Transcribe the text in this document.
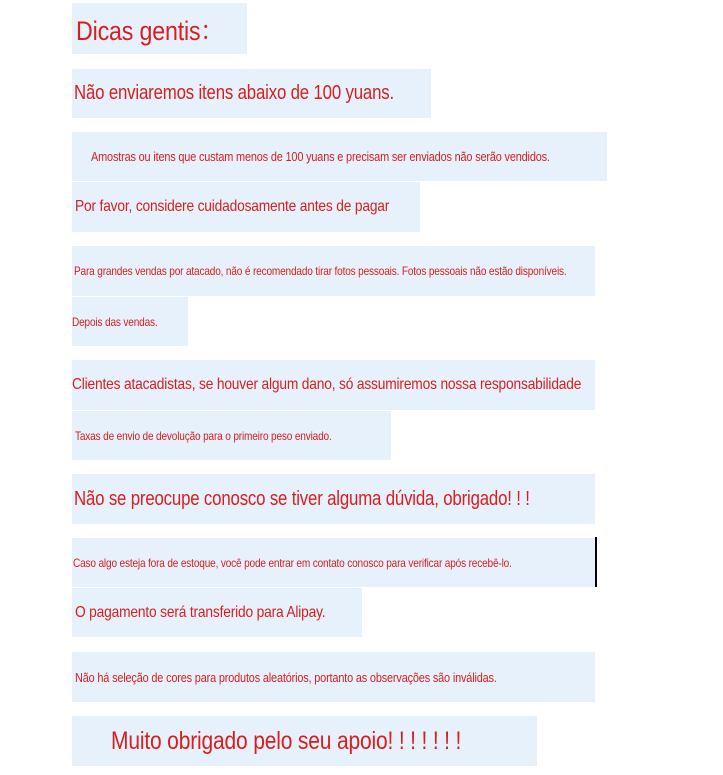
Dicas gentis：
Não enviaremos itens abaixo de 100 yuans.
Amostras ou itens que custam menos de 100 yuans e precisam ser enviados não serão vendidos.
Por favor, considere cuidadosamente antes de pagar
Para grandes vendas por atacado, não é recomendado tirar fotos pessoais. Fotos pessoais não estão disponíveis.
Depois das vendas.
Clientes atacadistas, se houver algum dano, só assumiremos nossa responsabilidade
Taxas de envio de devolução para o primeiro peso enviado.
Não se preocupe conosco se tiver alguma dúvida, obrigado! ! !
Caso algo esteja fora de estoque, você pode entrar em contato conosco para verificar após recebê-lo.
O pagamento será transferido para Alipay.
Não há seleção de cores para produtos aleatórios, portanto as observações são inválidas.
Muito obrigado pelo seu apoio! ! ! ! ! ! !
